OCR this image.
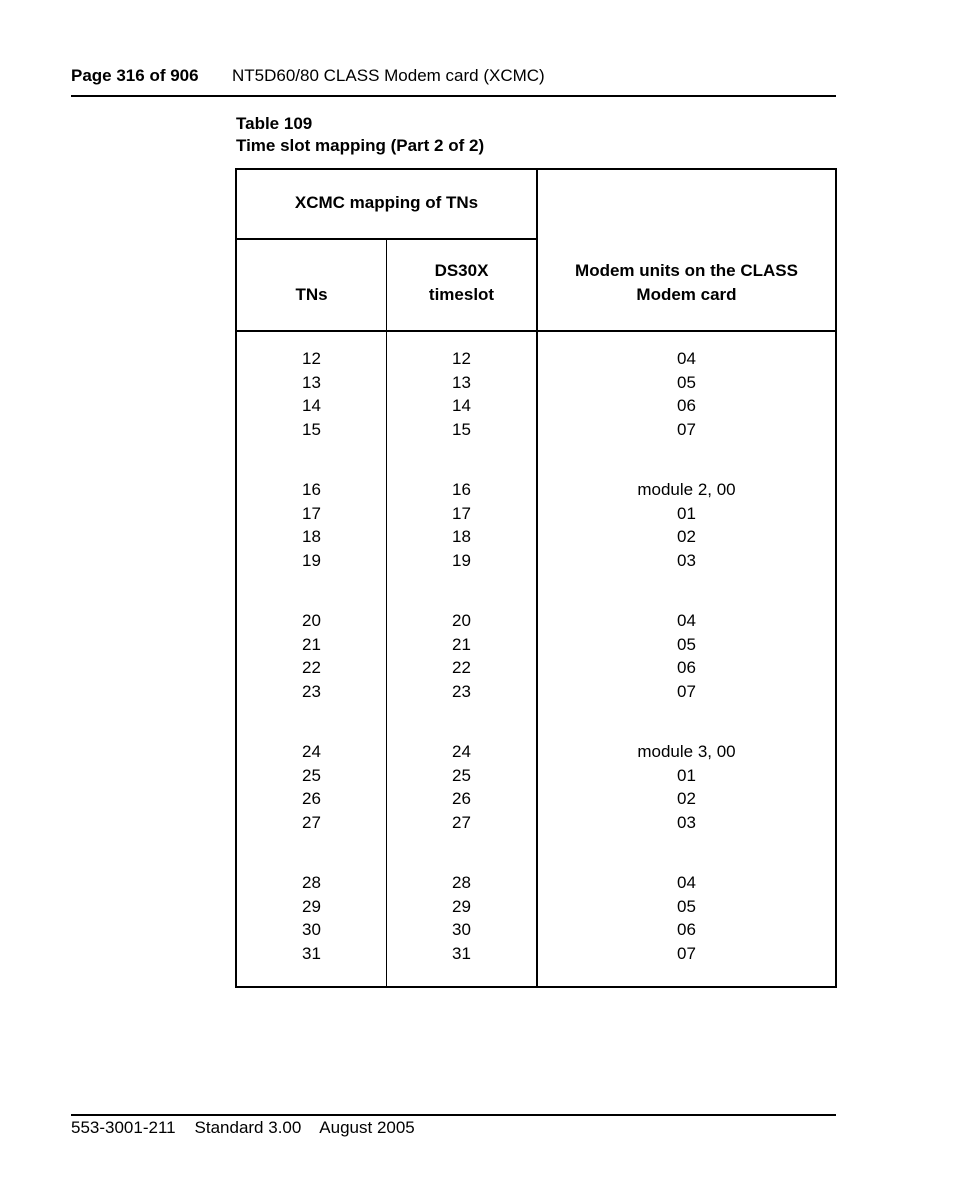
Page 316 of 906 NT5D60/80 CLASS Modem card (XCMC)
Table 109
Time slot mapping (Part 2 of 2)
XCMC mapping of TNs
TNs
DS30X
timeslot
Modem units on the CLASS
Modem card
12
13
14
15
16
17
18
19
20
21
22
23
24
25
26
27
28
29
30
31
12
13
14
15
16
17
18
19
20
21
22
23
24
25
26
27
28
29
30
31
04
05
06
07
module 2, 00
01
02
03
04
05
06
07
module 3, 00
01
02
03
04
05
06
07
553-3001-211 Standard 3.00 August 2005
